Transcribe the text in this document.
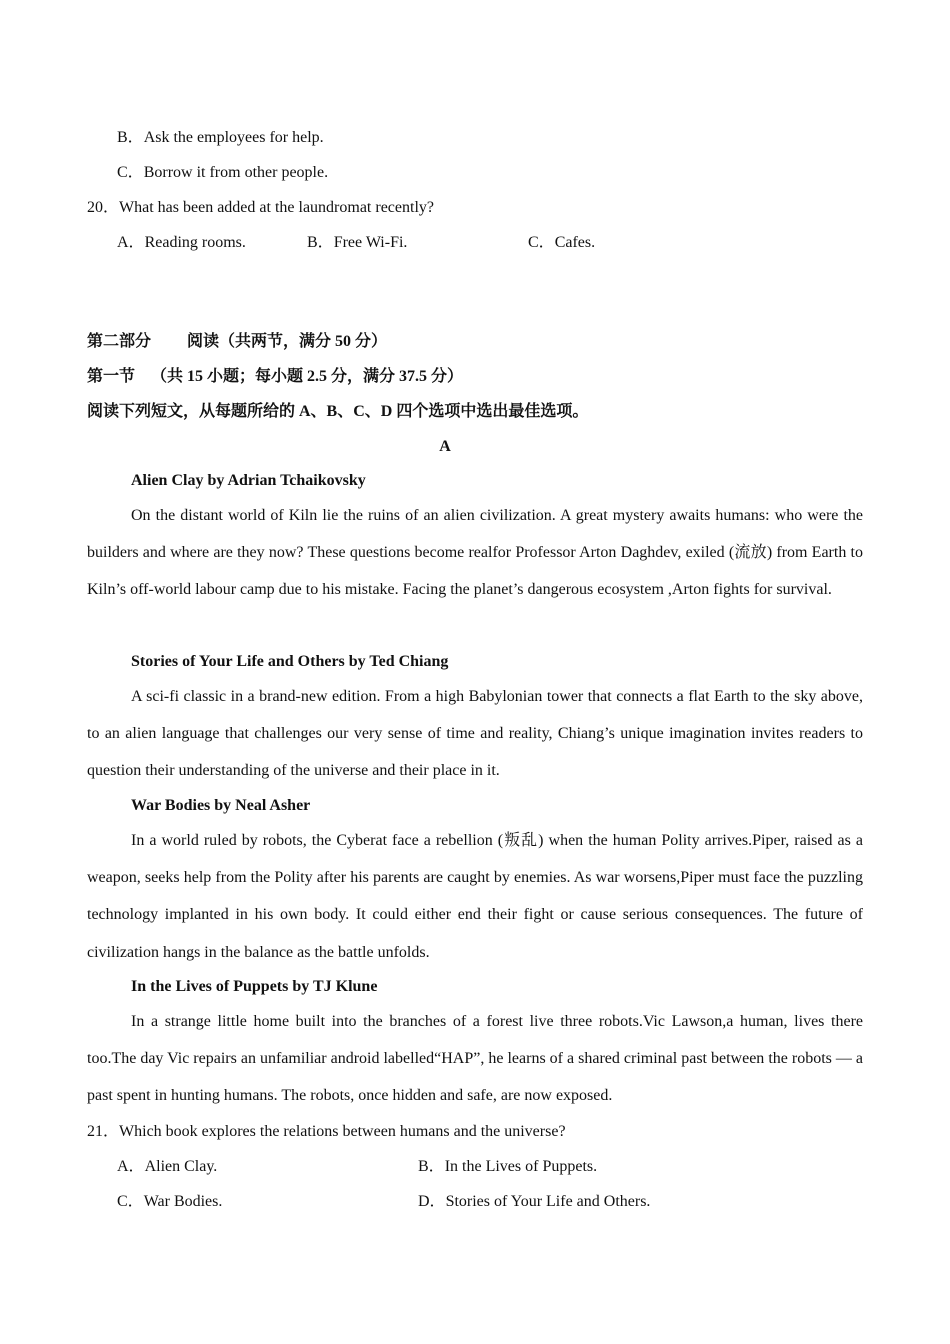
B．Ask the employees for help.
C．Borrow it from other people.
20．What has been added at the laundromat recently?
A．Reading rooms.	B．Free Wi-Fi.	C．Cafes.
第二部分 阅读（共两节，满分 50 分）
第一节 （共 15 小题；每小题 2.5 分，满分 37.5 分）
阅读下列短文，从每题所给的 A、B、C、D 四个选项中选出最佳选项。
A
Alien Clay by Adrian Tchaikovsky
On the distant world of Kiln lie the ruins of an alien civilization. A great mystery awaits humans: who were the builders and where are they now? These questions become realfor Professor Arton Daghdev, exiled (流放) from Earth to Kiln’s off-world labour camp due to his mistake. Facing the planet’s dangerous ecosystem ,Arton fights for survival.
Stories of Your Life and Others by Ted Chiang
A sci-fi classic in a brand-new edition. From a high Babylonian tower that connects a flat Earth to the sky above, to an alien language that challenges our very sense of time and reality, Chiang’s unique imagination invites readers to question their understanding of the universe and their place in it.
War Bodies by Neal Asher
In a world ruled by robots, the Cyberat face a rebellion (叛乱) when the human Polity arrives.Piper, raised as a weapon, seeks help from the Polity after his parents are caught by enemies. As war worsens,Piper must face the puzzling technology implanted in his own body. It could either end their fight or cause serious consequences. The future of civilization hangs in the balance as the battle unfolds.
In the Lives of Puppets by TJ Klune
In a strange little home built into the branches of a forest live three robots.Vic Lawson,a human, lives there too.The day Vic repairs an unfamiliar android labelled“HAP”, he learns of a shared criminal past between the robots — a past spent in hunting humans. The robots, once hidden and safe, are now exposed.
21．Which book explores the relations between humans and the universe?
A．Alien Clay.	B．In the Lives of Puppets.
C．War Bodies.	D．Stories of Your Life and Others.
